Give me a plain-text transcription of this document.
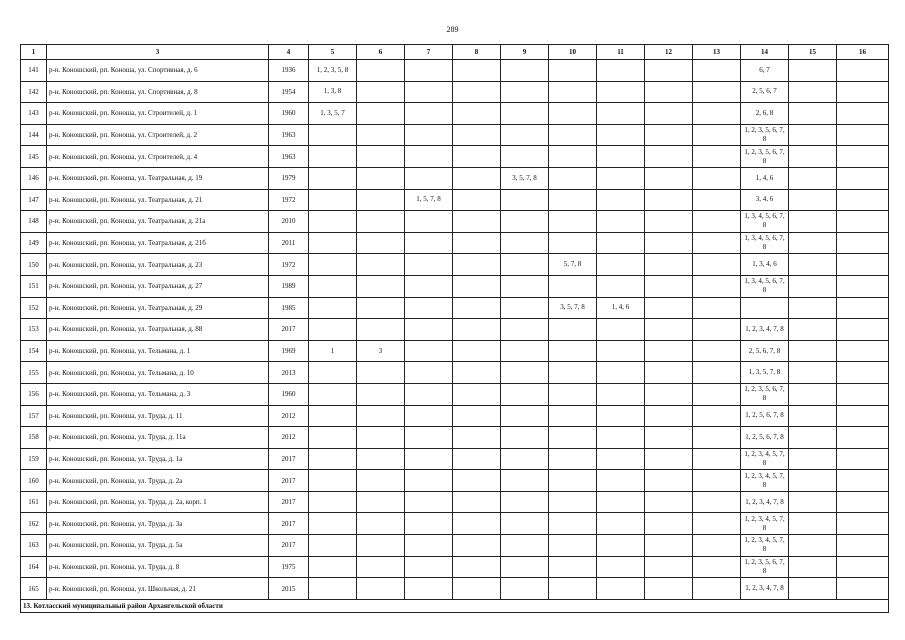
289
1	3	4	5	6	7	8	9	10	11	12	13	14	15	16
141	р-н. Коношский, рп. Коноша, ул. Спортивная, д. 6	1936	1, 2, 3, 5, 8									6, 7		
142	р-н. Коношский, рп. Коноша, ул. Спортивная, д. 8	1954	1, 3, 8									2, 5, 6, 7		
143	р-н. Коношский, рп. Коноша, ул. Строителей, д. 1	1960	1, 3, 5, 7									2, 6, 8		
144	р-н. Коношский, рп. Коноша, ул. Строителей, д. 2	1963										1, 2, 3, 5, 6, 7, 8		
145	р-н. Коношский, рп. Коноша, ул. Строителей, д. 4	1963										1, 2, 3, 5, 6, 7, 8		
146	р-н. Коношский, рп. Коноша, ул. Театральная, д. 19	1979					3, 5, 7, 8					1, 4, 6		
147	р-н. Коношский, рп. Коноша, ул. Театральная, д. 21	1972			1, 5, 7, 8							3, 4, 6		
148	р-н. Коношский, рп. Коноша, ул. Театральная, д. 21а	2010										1, 3, 4, 5, 6, 7, 8		
149	р-н. Коношский, рп. Коноша, ул. Театральная, д. 21б	2011										1, 3, 4, 5, 6, 7, 8		
150	р-н. Коношский, рп. Коноша, ул. Театральная, д. 23	1972						5, 7, 8				1, 3, 4, 6		
151	р-н. Коношский, рп. Коноша, ул. Театральная, д. 27	1989										1, 3, 4, 5, 6, 7, 8		
152	р-н. Коношский, рп. Коноша, ул. Театральная, д. 29	1985						3, 5, 7, 8	1, 4, 6					
153	р-н. Коношский, рп. Коноша, ул. Театральная, д. 88	2017										1, 2, 3, 4, 7, 8		
154	р-н. Коношский, рп. Коноша, ул. Тельмана, д. 1	1969	1	3								2, 5, 6, 7, 8		
155	р-н. Коношский, рп. Коноша, ул. Тельмана, д. 10	2013										1, 3, 5, 7, 8		
156	р-н. Коношский, рп. Коноша, ул. Тельмана, д. 3	1960										1, 2, 3, 5, 6, 7, 8		
157	р-н. Коношский, рп. Коноша, ул. Труда, д. 11	2012										1, 2, 5, 6, 7, 8		
158	р-н. Коношский, рп. Коноша, ул. Труда, д. 11а	2012										1, 2, 5, 6, 7, 8		
159	р-н. Коношский, рп. Коноша, ул. Труда, д. 1а	2017										1, 2, 3, 4, 5, 7, 8		
160	р-н. Коношский, рп. Коноша, ул. Труда, д. 2а	2017										1, 2, 3, 4, 5, 7, 8		
161	р-н. Коношский, рп. Коноша, ул. Труда, д. 2а, корп. 1	2017										1, 2, 3, 4, 7, 8		
162	р-н. Коношский, рп. Коноша, ул. Труда, д. 3а	2017										1, 2, 3, 4, 5, 7, 8		
163	р-н. Коношский, рп. Коноша, ул. Труда, д. 5а	2017										1, 2, 3, 4, 5, 7, 8		
164	р-н. Коношский, рп. Коноша, ул. Труда, д. 8	1975										1, 2, 3, 5, 6, 7, 8		
165	р-н. Коношский, рп. Коноша, ул. Школьная, д. 21	2015										1, 2, 3, 4, 7, 8		
13. Котласский муниципальный район Архангельской области														
